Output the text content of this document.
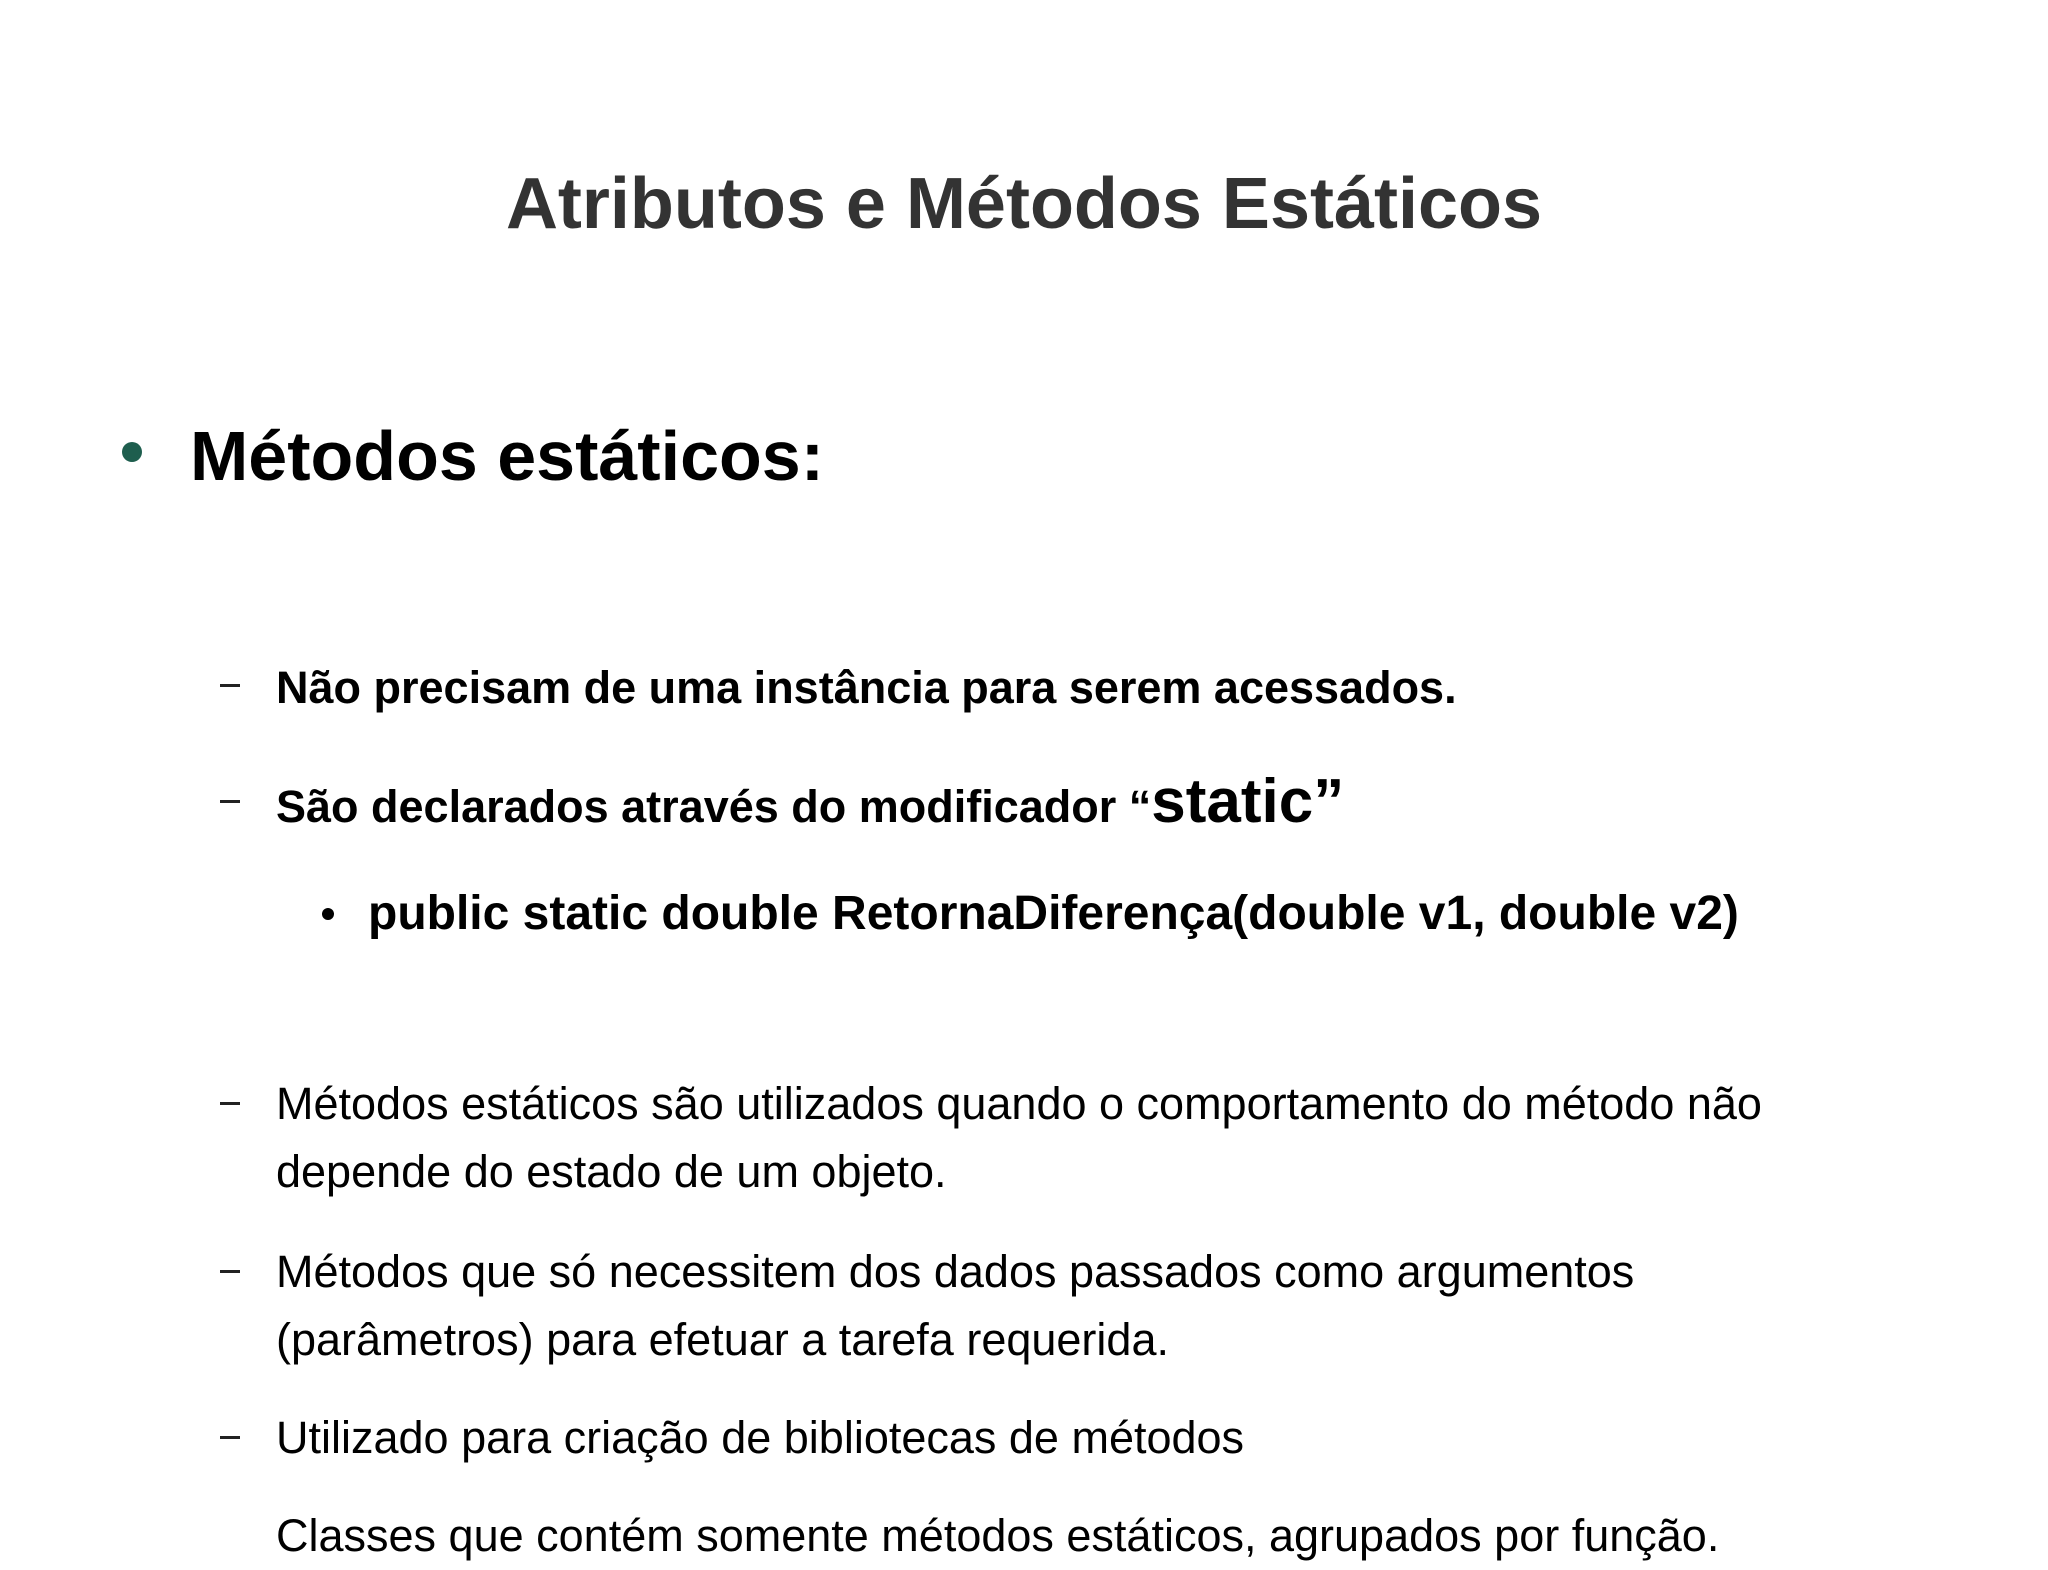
Atributos e Métodos Estáticos
Métodos estáticos:
Não precisam de uma instância para serem acessados.
São declarados através do modificador “static”
public static double RetornaDiferença(double v1, double v2)
Métodos estáticos são utilizados quando o comportamento do método não depende do estado de um objeto.
Métodos que só necessitem dos dados passados como argumentos (parâmetros) para efetuar a tarefa requerida.
Utilizado para criação de bibliotecas de métodos
Classes que contém somente métodos estáticos, agrupados por função.
